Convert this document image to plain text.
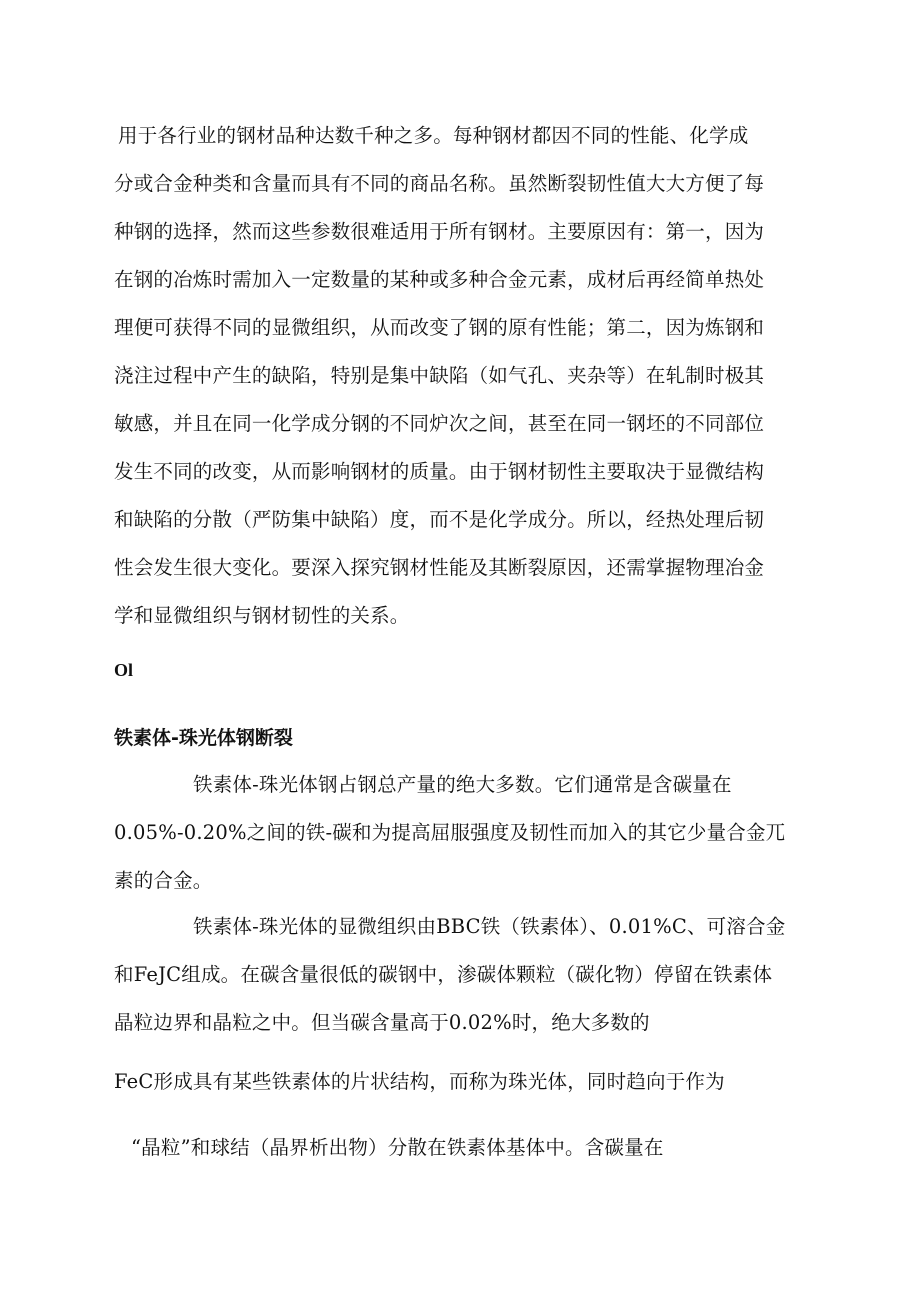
用于各行业的钢材品种达数千种之多。每种钢材都因不同的性能、化学成
分或合金种类和含量而具有不同的商品名称。虽然断裂韧性值大大方便了每
种钢的选择，然而这些参数很难适用于所有钢材。主要原因有：第一，因为
在钢的冶炼时需加入一定数量的某种或多种合金元素，成材后再经简单热处
理便可获得不同的显微组织，从而改变了钢的原有性能；第二，因为炼钢和
浇注过程中产生的缺陷，特别是集中缺陷（如气孔、夹杂等）在轧制时极其
敏感，并且在同一化学成分钢的不同炉次之间，甚至在同一钢坯的不同部位
发生不同的改变，从而影响钢材的质量。由于钢材韧性主要取决于显微结构
和缺陷的分散（严防集中缺陷）度，而不是化学成分。所以，经热处理后韧
性会发生很大变化。要深入探究钢材性能及其断裂原因，还需掌握物理冶金
学和显微组织与钢材韧性的关系。
Ol
铁素体-珠光体钢断裂
铁素体-珠光体钢占钢总产量的绝大多数。它们通常是含碳量在
0.05%-0.20%之间的铁-碳和为提高屈服强度及韧性而加入的其它少量合金兀
素的合金。
铁素体-珠光体的显微组织由BBC铁（铁素体）、0.01%C、可溶合金
和FeJC组成。在碳含量很低的碳钢中，渗碳体颗粒（碳化物）停留在铁素体
晶粒边界和晶粒之中。但当碳含量高于0.02%时，绝大多数的
FeC形成具有某些铁素体的片状结构，而称为珠光体，同时趋向于作为
“晶粒”和球结（晶界析出物）分散在铁素体基体中。含碳量在
